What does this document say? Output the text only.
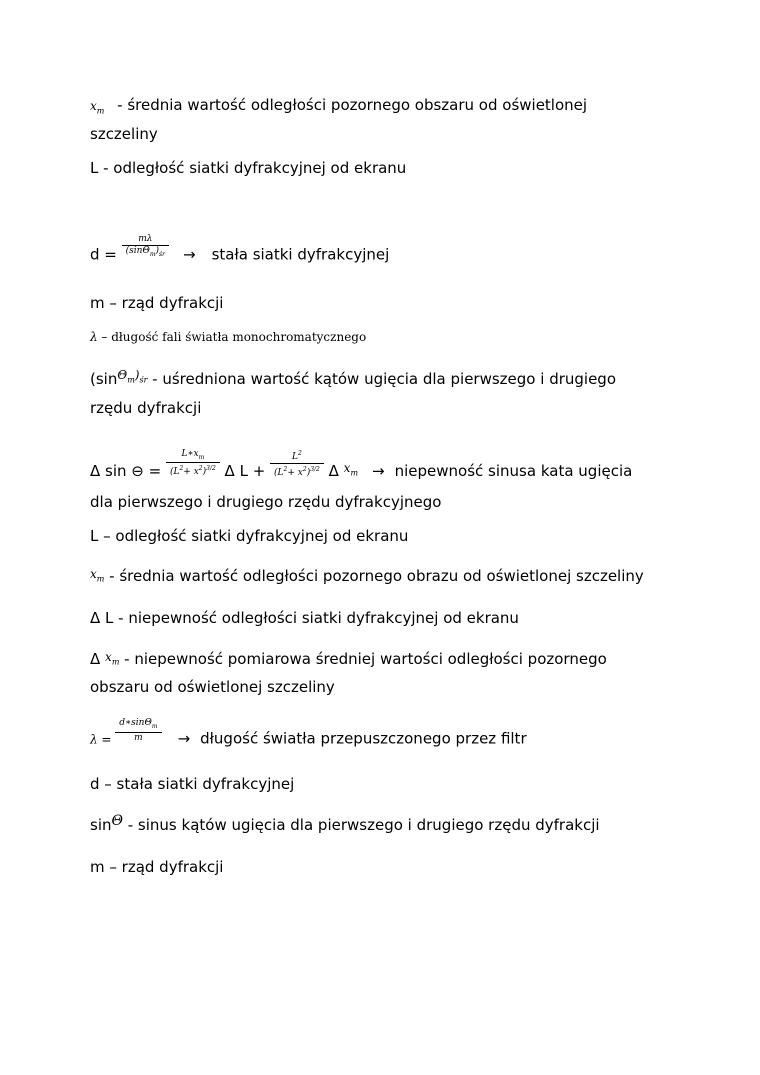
$x_m$ - średnia wartość odległości pozornego obszaru od oświetlonej
szczeliny
L - odległość siatki dyfrakcyjnej od ekranu
$d = \frac{m\lambda}{(\sin\Theta_m)_{śr}}$ → stała siatki dyfrakcyjnej
m – rząd dyfrakcji
λ – długość fali światła monochromatycznego
($\sin^{\Theta_m)_{śr}}$ - uśredniona wartość kątów ugięcia dla pierwszego i drugiego
rzędu dyfrakcji
Δ sin ⊖ = $\frac{L∗x_m}{(L^2+ x^2)^{3/2}}$ Δ $L + \frac{L^2}{(L^2+ x^2)^{3/2}}$ Δ $^{x_m}$ → niepewność sinusa kata ugięcia
dla pierwszego i drugiego rzędu dyfrakcyjnego
L – odległość siatki dyfrakcyjnej od ekranu
$^{x_m}$ - średnia wartość odległości pozornego obrazu od oświetlonej szczeliny
Δ L - niepewność odległości siatki dyfrakcyjnej od ekranu
Δ $^{x_m}$ - niepewność pomiarowa średniej wartości odległości pozornego
obszaru od oświetlonej szczeliny
$\lambda = \frac{d∗\sin\Theta_m}{m}$ → długość światła przepuszczonego przez filtr
d – stała siatki dyfrakcyjnej
sinΘ - sinus kątów ugięcia dla pierwszego i drugiego rzędu dyfrakcji
m – rząd dyfrakcji
